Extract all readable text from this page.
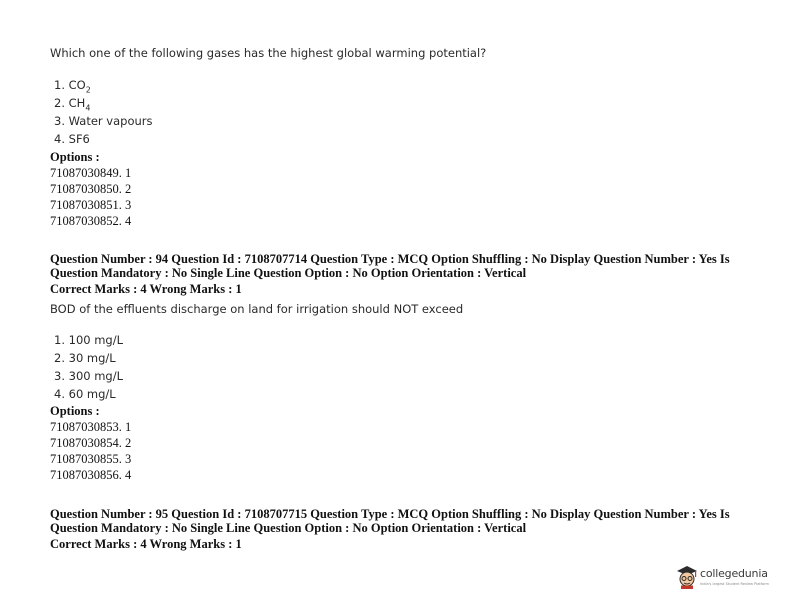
Which one of the following gases has the highest global warming potential?
1. $CO_2$
2. $CH_4$
3. Water vapours
4. SF6
Options :
71087030849. 1
71087030850. 2
71087030851. 3
71087030852. 4
Question Number : 94 Question Id : 7108707714 Question Type : MCQ Option Shuffling : No Display Question Number : Yes Is Question Mandatory : No Single Line Question Option : No Option Orientation : Vertical
Correct Marks : 4 Wrong Marks : 1
BOD of the effluents discharge on land for irrigation should NOT exceed
1. 100 mg/L
2. 30 mg/L
3. 300 mg/L
4. 60 mg/L
Options :
71087030853. 1
71087030854. 2
71087030855. 3
71087030856. 4
Question Number : 95 Question Id : 7108707715 Question Type : MCQ Option Shuffling : No Display Question Number : Yes Is Question Mandatory : No Single Line Question Option : No Option Orientation : Vertical
Correct Marks : 4 Wrong Marks : 1
collegedunia
India's largest Student Review Platform
